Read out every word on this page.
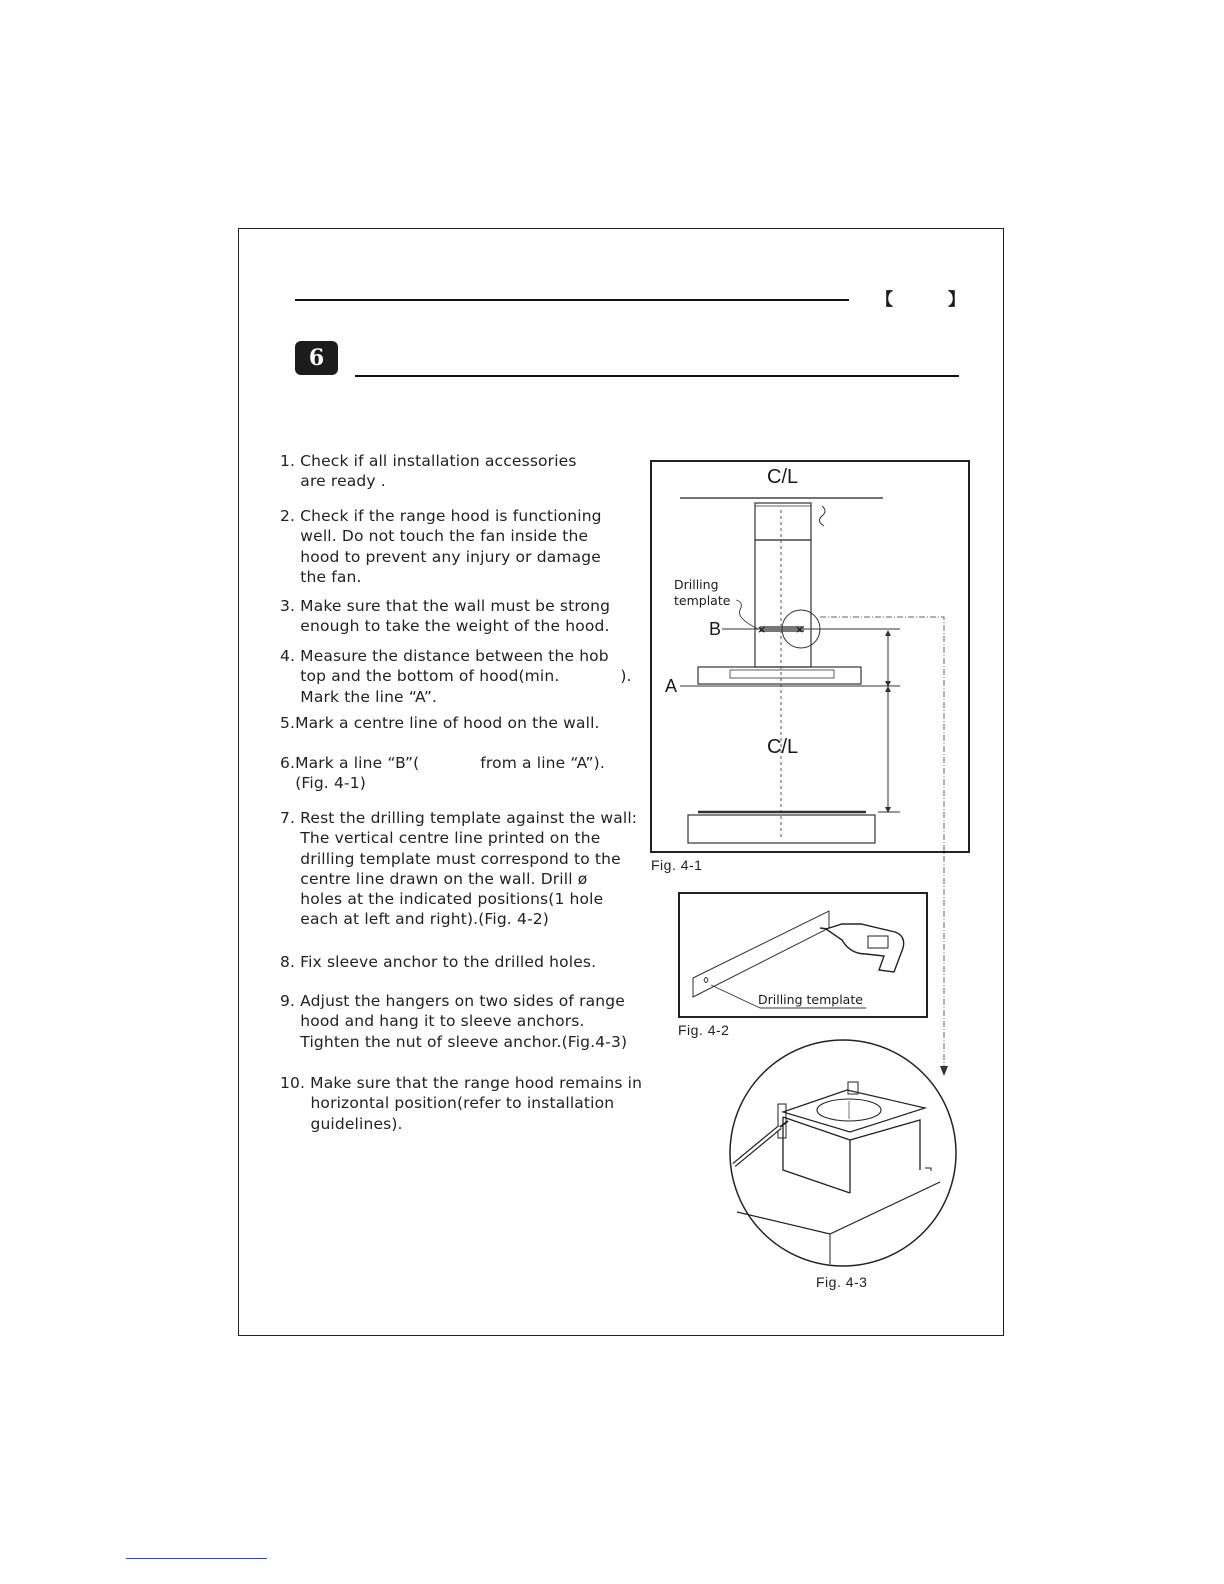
【	】
6
1. Check if all installation accessories
are ready .
2. Check if the range hood is functioning
well. Do not touch the fan inside the
hood to prevent any injury or damage
the fan.
3. Make sure that the wall must be strong
enough to take the weight of the hood.
4. Measure the distance between the hob
top and the bottom of hood(min.            ).
Mark the line “A”.
5.Mark a centre line of hood on the wall.
6.Mark a line “B”(            from a line “A”).
(Fig. 4-1)
7. Rest the drilling template against the wall:
The vertical centre line printed on the
drilling template must correspond to the
centre line drawn on the wall. Drill ø
holes at the indicated positions(1 hole
each at left and right).(Fig. 4-2)
8. Fix sleeve anchor to the drilled holes.
9. Adjust the hangers on two sides of range
hood and hang it to sleeve anchors.
Tighten the nut of sleeve anchor.(Fig.4-3)
10. Make sure that the range hood remains in
horizontal position(refer to installation
guidelines).
×	×
C/L
C/L
Drilling
template
B
A
Fig. 4-1
Drilling template
Fig. 4-2
Fig. 4-3
